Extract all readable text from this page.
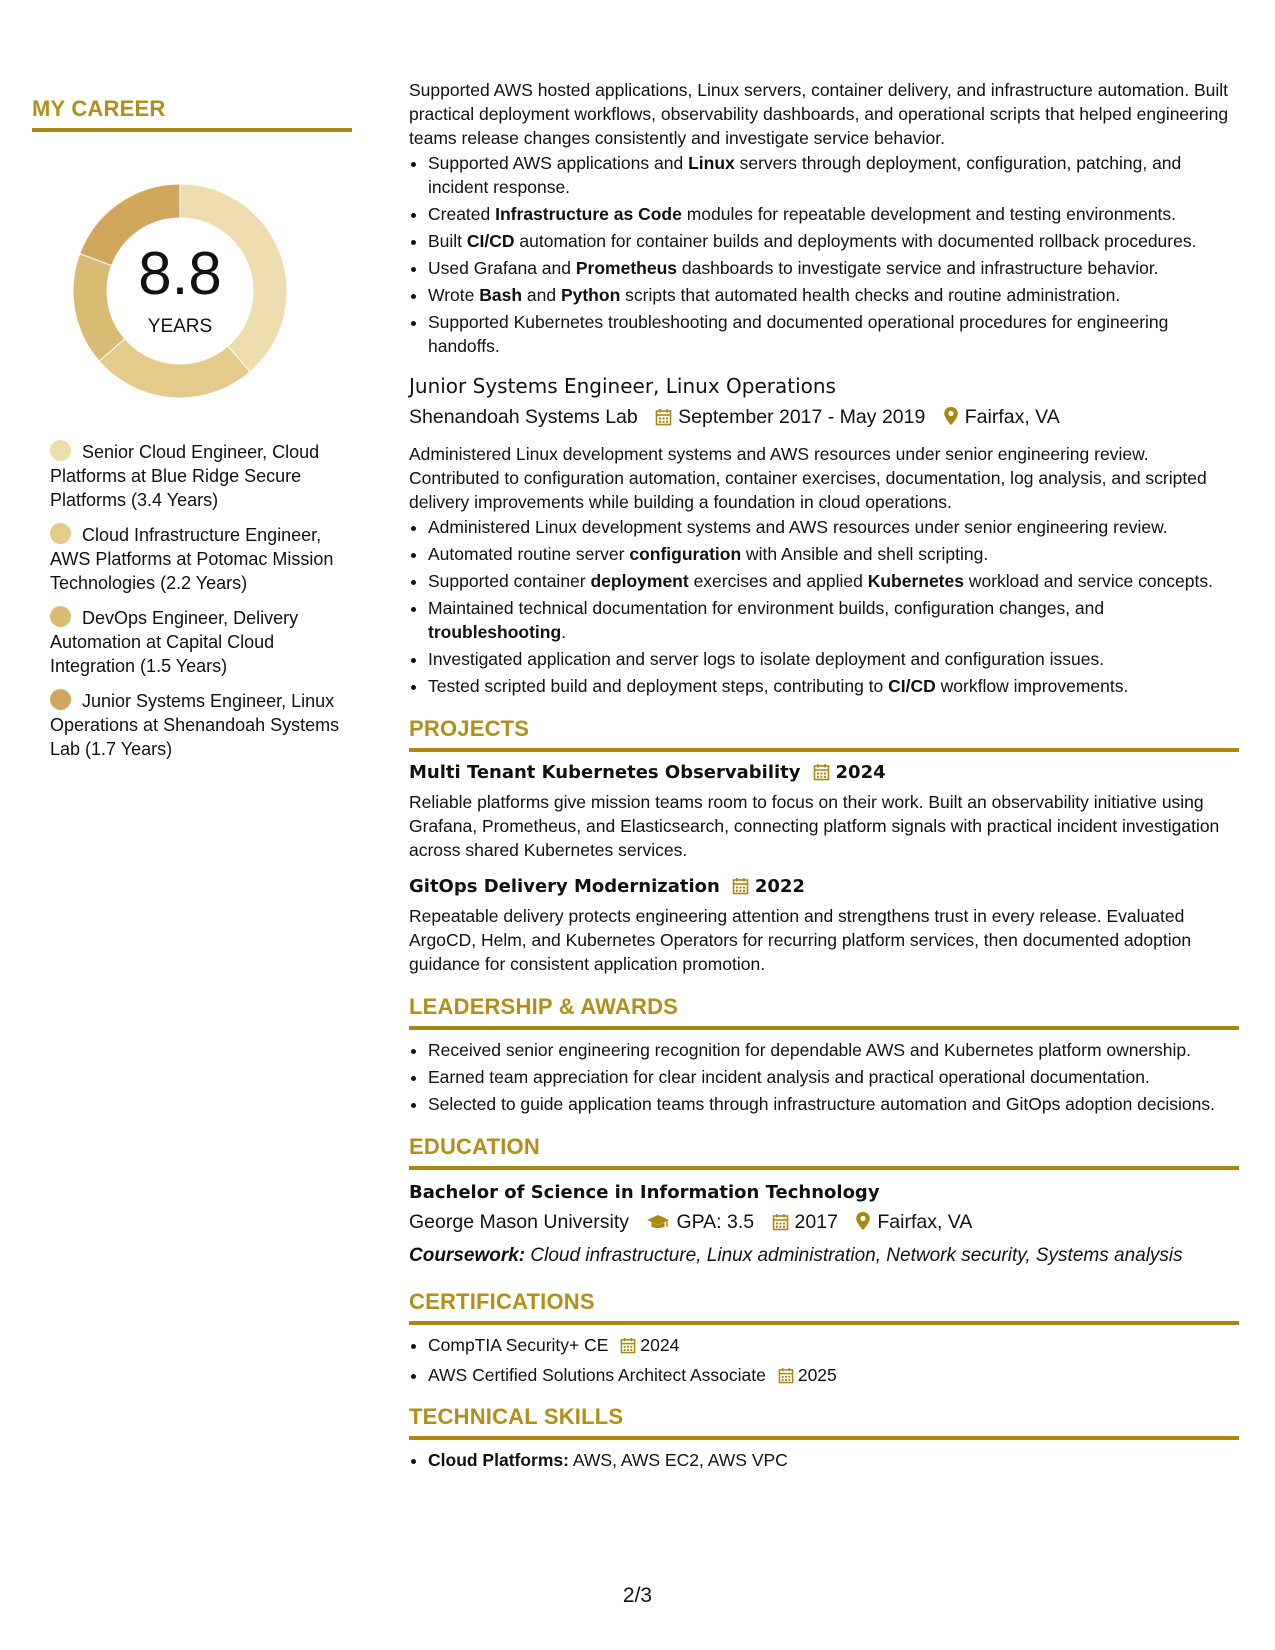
MY CAREER
8.8
YEARS
Senior Cloud Engineer, Cloud Platforms at Blue Ridge Secure Platforms (3.4 Years)
Cloud Infrastructure Engineer, AWS Platforms at Potomac Mission Technologies (2.2 Years)
DevOps Engineer, Delivery Automation at Capital Cloud Integration (1.5 Years)
Junior Systems Engineer, Linux Operations at Shenandoah Systems Lab (1.7 Years)

Supported AWS hosted applications, Linux servers, container delivery, and infrastructure automation. Built practical deployment workflows, observability dashboards, and operational scripts that helped engineering teams release changes consistently and investigate service behavior.

• Supported AWS applications and Linux servers through deployment, configuration, patching, and incident response.
• Created Infrastructure as Code modules for repeatable development and testing environments.
• Built CI/CD automation for container builds and deployments with documented rollback procedures.
• Used Grafana and Prometheus dashboards to investigate service and infrastructure behavior.
• Wrote Bash and Python scripts that automated health checks and routine administration.
• Supported Kubernetes troubleshooting and documented operational procedures for engineering handoffs.
Junior Systems Engineer, Linux Operations
Shenandoah Systems Lab September 2017 - May 2019 Fairfax, VA

Administered Linux development systems and AWS resources under senior engineering review. Contributed to configuration automation, container exercises, documentation, log analysis, and scripted delivery improvements while building a foundation in cloud operations.

• Administered Linux development systems and AWS resources under senior engineering review.
• Automated routine server configuration with Ansible and shell scripting.
• Supported container deployment exercises and applied Kubernetes workload and service concepts.
• Maintained technical documentation for environment builds, configuration changes, and troubleshooting.
• Investigated application and server logs to isolate deployment and configuration issues.
• Tested scripted build and deployment steps, contributing to CI/CD workflow improvements.
PROJECTS
Multi Tenant Kubernetes Observability 2024

Reliable platforms give mission teams room to focus on their work. Built an observability initiative using Grafana, Prometheus, and Elasticsearch, connecting platform signals with practical incident investigation across shared Kubernetes services.

GitOps Delivery Modernization 2022

Repeatable delivery protects engineering attention and strengthens trust in every release. Evaluated ArgoCD, Helm, and Kubernetes Operators for recurring platform services, then documented adoption guidance for consistent application promotion.

LEADERSHIP & AWARDS
• Received senior engineering recognition for dependable AWS and Kubernetes platform ownership.
• Earned team appreciation for clear incident analysis and practical operational documentation.
• Selected to guide application teams through infrastructure automation and GitOps adoption decisions.
EDUCATION
Bachelor of Science in Information Technology
George Mason University GPA: 3.5 2017 Fairfax, VA
Coursework: Cloud infrastructure, Linux administration, Network security, Systems analysis
CERTIFICATIONS
• CompTIA Security+ CE 2024
• AWS Certified Solutions Architect Associate 2025
TECHNICAL SKILLS
• Cloud Platforms: AWS, AWS EC2, AWS VPC
2/3
